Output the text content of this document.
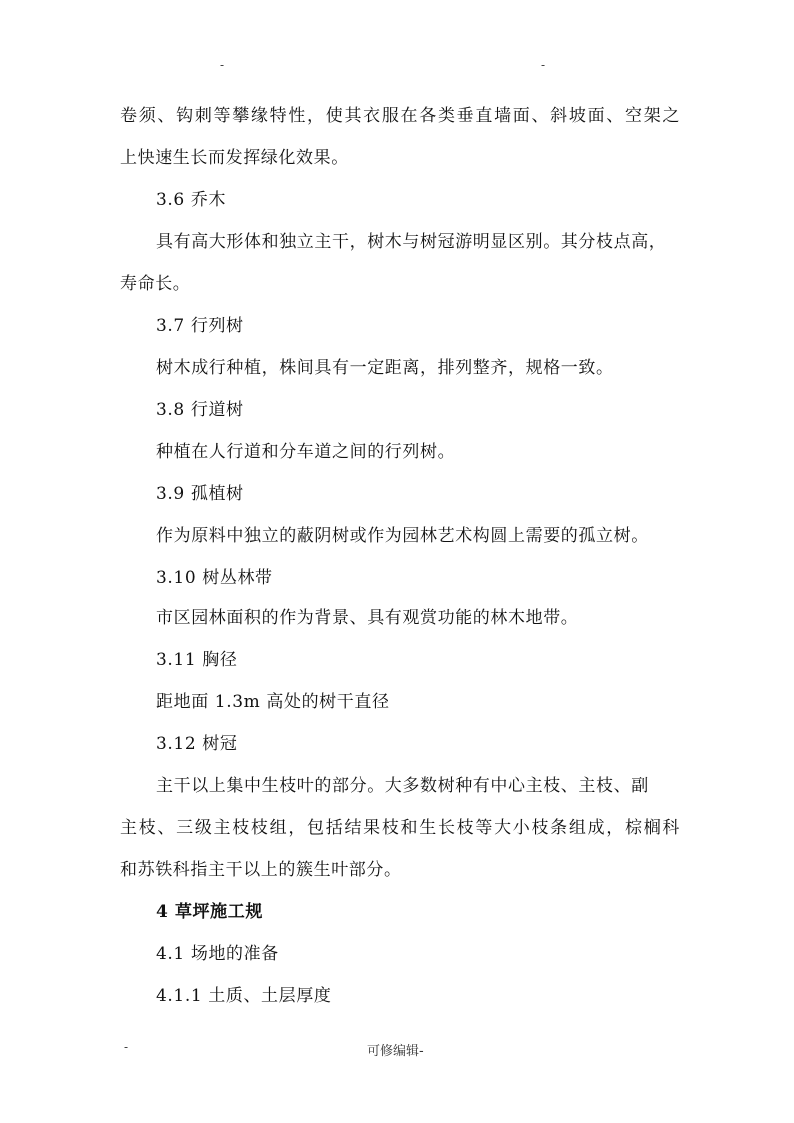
-	-
卷须、钩刺等攀缘特性，使其衣服在各类垂直墙面、斜坡面、空架之
上快速生长而发挥绿化效果。
3.6 乔木
具有高大形体和独立主干，树木与树冠游明显区别。其分枝点高，
寿命长。
3.7 行列树
树木成行种植，株间具有一定距离，排列整齐，规格一致。
3.8 行道树
种植在人行道和分车道之间的行列树。
3.9 孤植树
作为原料中独立的蔽阴树或作为园林艺术构圆上需要的孤立树。
3.10 树丛林带
市区园林面积的作为背景、具有观赏功能的林木地带。
3.11 胸径
距地面 1.3m 高处的树干直径
3.12 树冠
主干以上集中生枝叶的部分。大多数树种有中心主枝、主枝、副
主枝、三级主枝枝组，包括结果枝和生长枝等大小枝条组成，棕榈科
和苏铁科指主干以上的簇生叶部分。
4 草坪施工规
4.1 场地的准备
4.1.1 土质、土层厚度
-	可修编辑-
